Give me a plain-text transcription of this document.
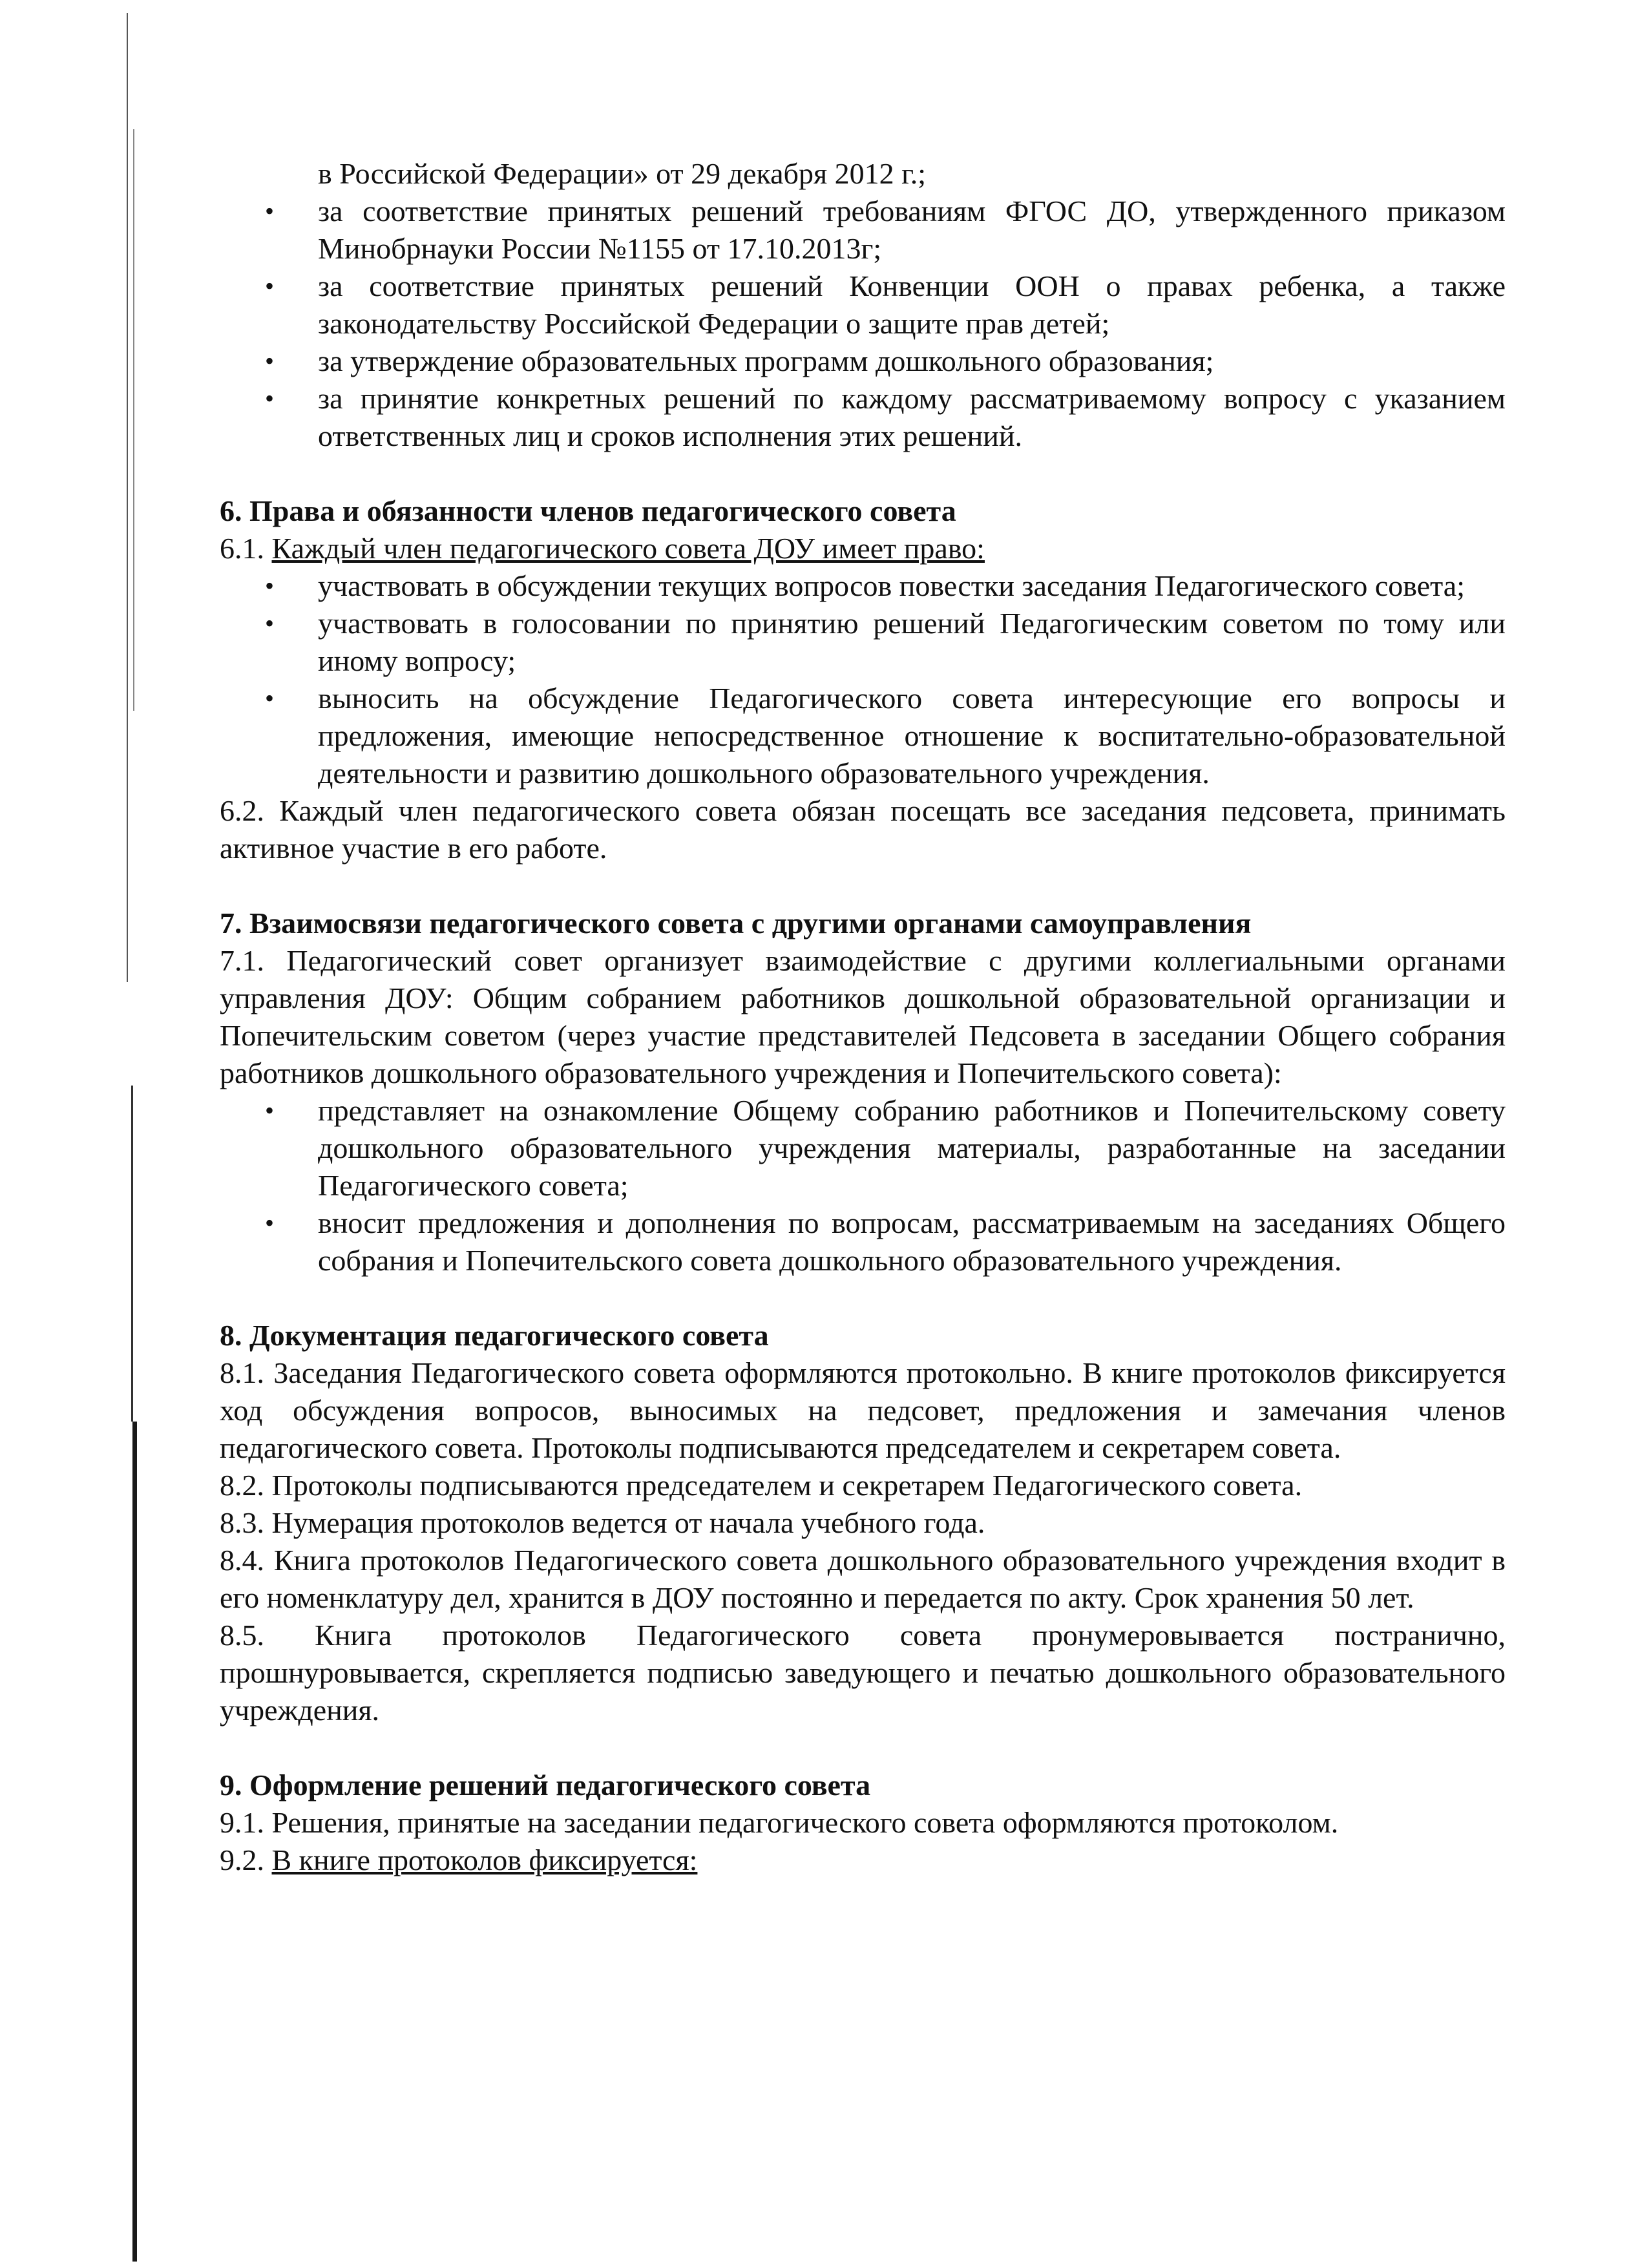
в Российской Федерации» от 29 декабря 2012 г.;
• за соответствие принятых решений требованиям ФГОС ДО, утвержденного приказом Минобрнауки России №1155 от 17.10.2013г;
• за соответствие принятых решений Конвенции ООН о правах ребенка, а также законодательству Российской Федерации о защите прав детей;
• за утверждение образовательных программ дошкольного образования;
• за принятие конкретных решений по каждому рассматриваемому вопросу с указанием ответственных лиц и сроков исполнения этих решений.

6. Права и обязанности членов педагогического совета

6.1. Каждый член педагогического совета ДОУ имеет право:

• участвовать в обсуждении текущих вопросов повестки заседания Педагогического совета;
• участвовать в голосовании по принятию решений Педагогическим советом по тому или иному вопросу;
• выносить на обсуждение Педагогического совета интересующие его вопросы и предложения, имеющие непосредственное отношение к воспитательно-образовательной деятельности и развитию дошкольного образовательного учреждения.

6.2. Каждый член педагогического совета обязан посещать все заседания педсовета, принимать активное участие в его работе.

7. Взаимосвязи педагогического совета с другими органами самоуправления

7.1. Педагогический совет организует взаимодействие с другими коллегиальными органами управления ДОУ: Общим собранием работников дошкольной образовательной организации и Попечительским советом (через участие представителей Педсовета в заседании Общего собрания работников дошкольного образовательного учреждения и Попечительского совета):

• представляет на ознакомление Общему собранию работников и Попечительскому совету дошкольного образовательного учреждения материалы, разработанные на заседании Педагогического совета;
• вносит предложения и дополнения по вопросам, рассматриваемым на заседаниях Общего собрания и Попечительского совета дошкольного образовательного учреждения.

8. Документация педагогического совета

8.1. Заседания Педагогического совета оформляются протокольно. В книге протоколов фиксируется ход обсуждения вопросов, выносимых на педсовет, предложения и замечания членов педагогического совета. Протоколы подписываются председателем и секретарем совета.

8.2. Протоколы подписываются председателем и секретарем Педагогического совета.

8.3. Нумерация протоколов ведется от начала учебного года.

8.4. Книга протоколов Педагогического совета дошкольного образовательного учреждения входит в его номенклатуру дел, хранится в ДОУ постоянно и передается по акту. Срок хранения 50 лет.

8.5. Книга протоколов Педагогического совета пронумеровывается постранично, прошнуровывается, скрепляется подписью заведующего и печатью дошкольного образовательного учреждения.

9. Оформление решений педагогического совета

9.1. Решения, принятые на заседании педагогического совета оформляются протоколом.

9.2. В книге протоколов фиксируется:
